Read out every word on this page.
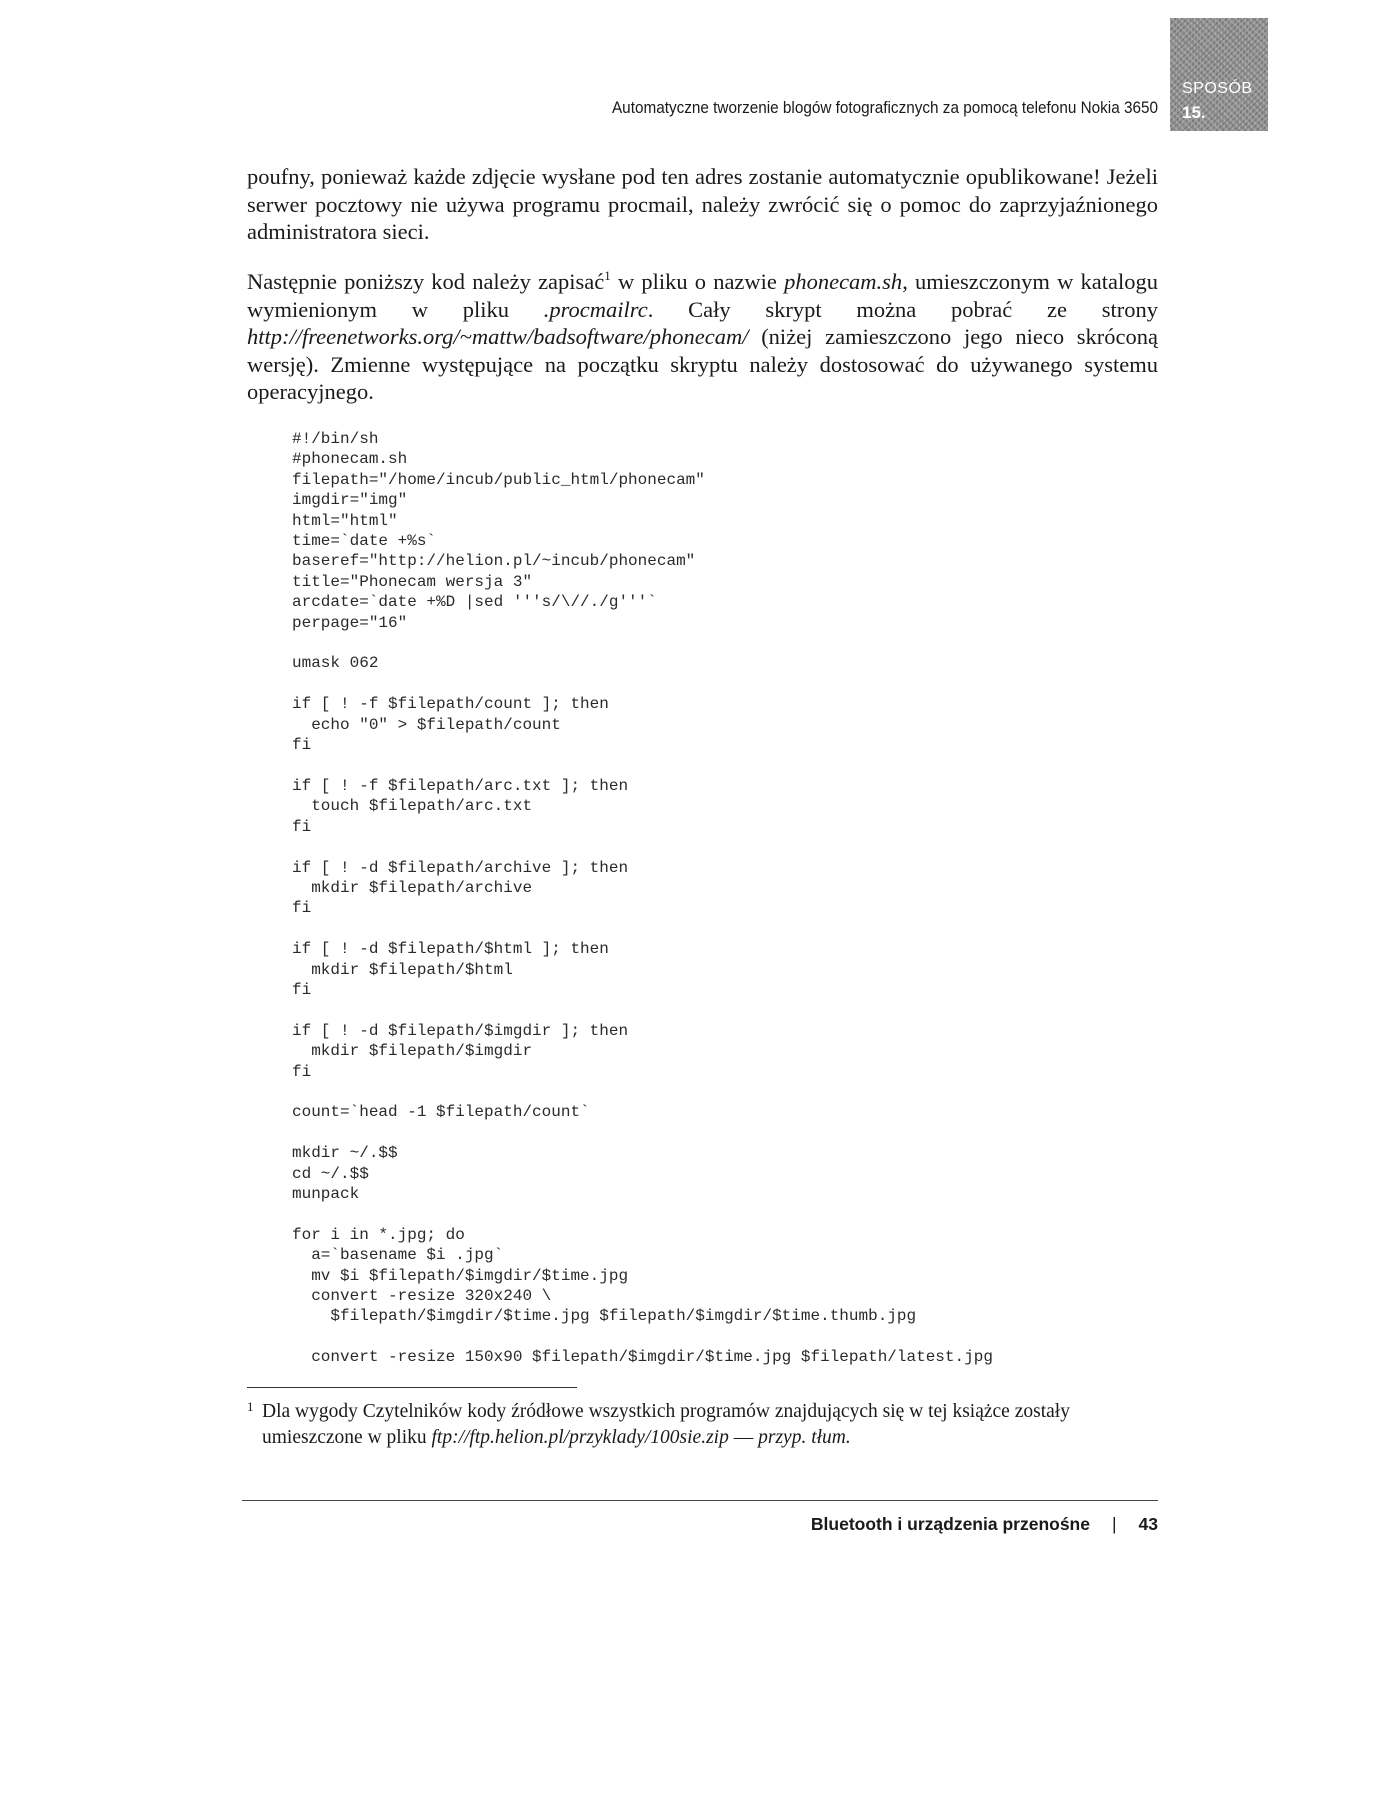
Automatyczne tworzenie blogów fotograficznych za pomocą telefonu Nokia 3650
SPOSÓB
15.
poufny, ponieważ każde zdjęcie wysłane pod ten adres zostanie automatycznie opublikowane! Jeżeli serwer pocztowy nie używa programu procmail, należy zwrócić się o pomoc do zaprzyjaźnionego administratora sieci.
Następnie poniższy kod należy zapisać$^1$ w pliku o nazwie phonecam.sh, umieszczonym w katalogu wymienionym w pliku .procmailrc. Cały skrypt można pobrać ze strony http://freenetworks.org/~mattw/badsoftware/phonecam/ (niżej zamieszczono jego nieco skróconą wersję). Zmienne występujące na początku skryptu należy dostosować do używanego systemu operacyjnego.
#!/bin/sh
#phonecam.sh
filepath="/home/incub/public_html/phonecam"
imgdir="img"
html="html"
time=`date +%s`
baseref="http://helion.pl/~incub/phonecam"
title="Phonecam wersja 3"
arcdate=`date +%D |sed '''s/\//./g'''`
perpage="16"

umask 062

if [ ! -f $filepath/count ]; then
echo "0" > $filepath/count
fi

if [ ! -f $filepath/arc.txt ]; then
touch $filepath/arc.txt
fi

if [ ! -d $filepath/archive ]; then
mkdir $filepath/archive
fi

if [ ! -d $filepath/$html ]; then
mkdir $filepath/$html
fi

if [ ! -d $filepath/$imgdir ]; then
mkdir $filepath/$imgdir
fi

count=`head -1 $filepath/count`

mkdir ~/.$$
cd ~/.$$
munpack

for i in *.jpg; do
a=`basename $i .jpg`
mv $i $filepath/$imgdir/$time.jpg
convert -resize 320x240 \
$filepath/$imgdir/$time.jpg $filepath/$imgdir/$time.thumb.jpg

convert -resize 150x90 $filepath/$imgdir/$time.jpg $filepath/latest.jpg
1 Dla wygody Czytelników kody źródłowe wszystkich programów znajdujących się w tej książce zostały umieszczone w pliku ftp://ftp.helion.pl/przyklady/100sie.zip — przyp. tłum.
Bluetooth i urządzenia przenośne | 43
